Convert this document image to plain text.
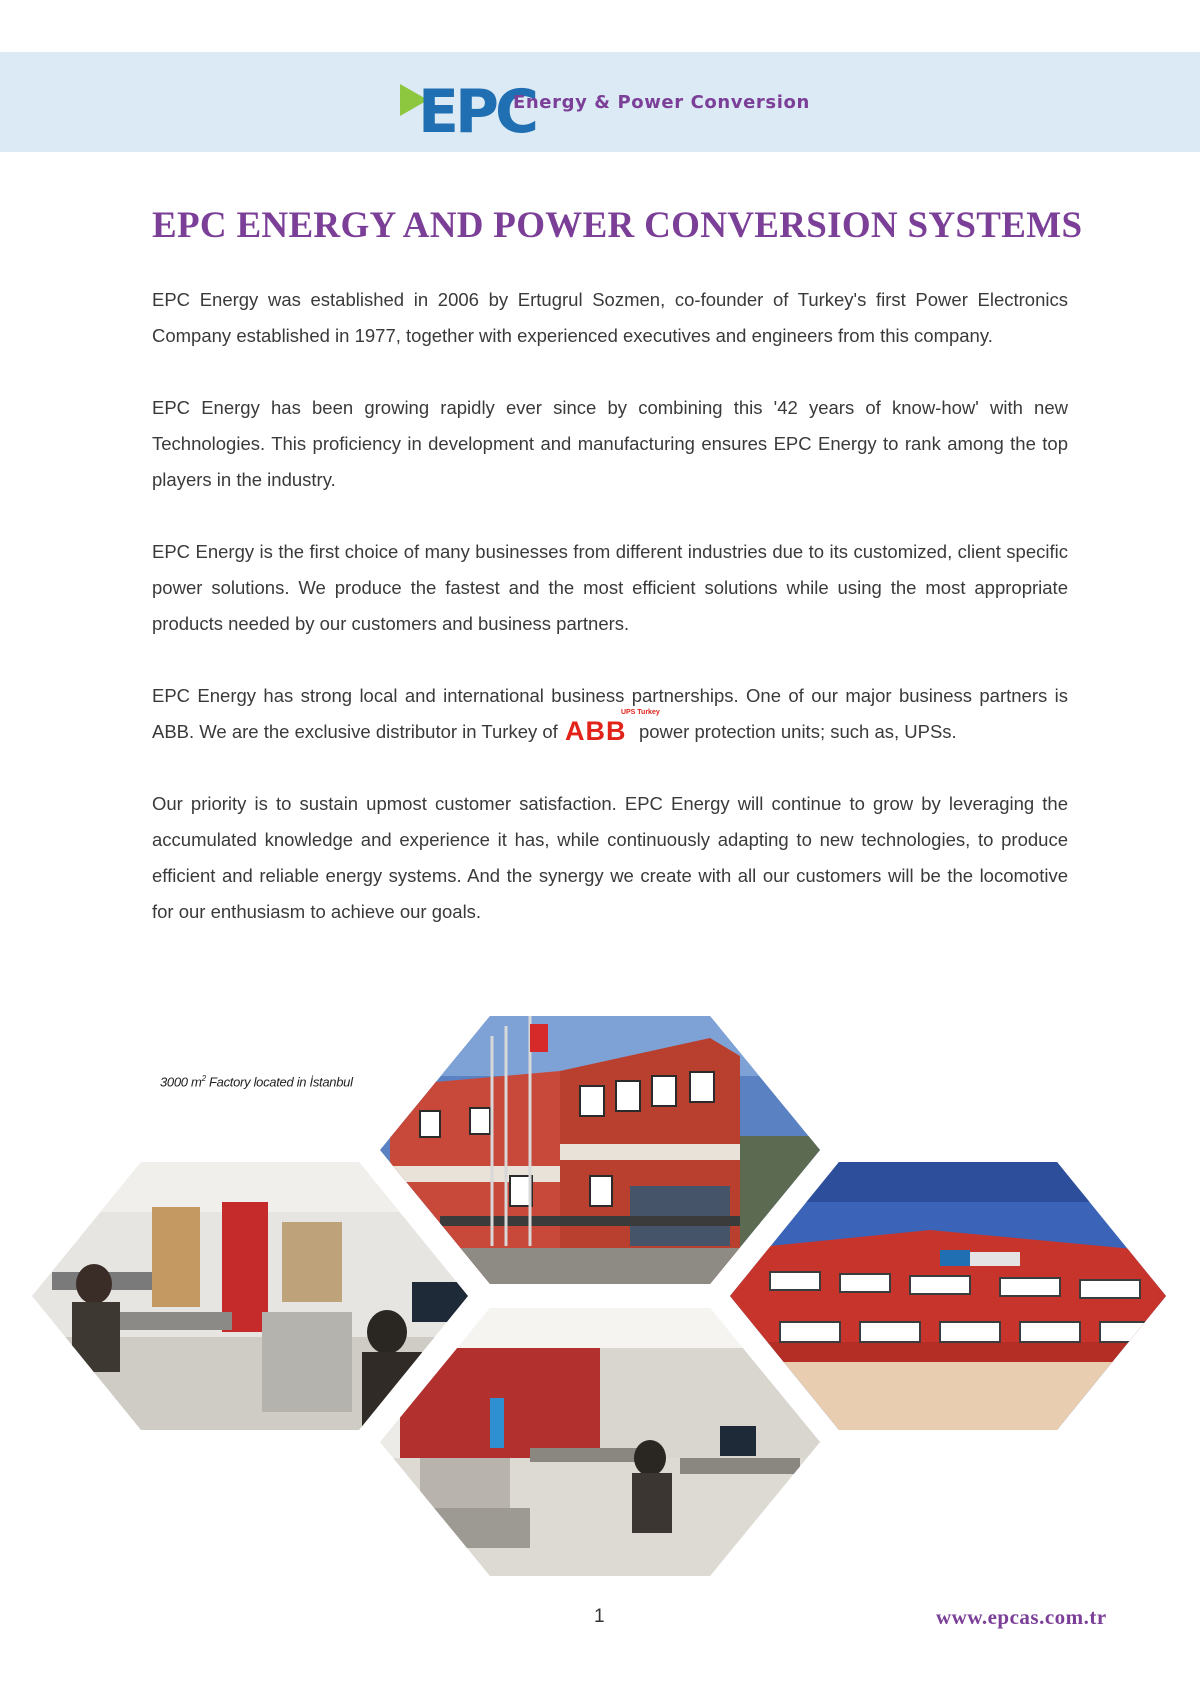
EPC
Energy & Power Conversion
EPC ENERGY AND POWER CONVERSION SYSTEMS

EPC Energy was established in 2006 by Ertugrul Sozmen, co-founder of Turkey's first Power Electronics Company established in 1977, together with experienced executives and engineers from this company.

EPC Energy has been growing rapidly ever since by combining this '42 years of know-how' with new Technologies. This proficiency in development and manufacturing ensures EPC Energy to rank among the top players in the industry.

EPC Energy is the first choice of many businesses from different industries due to its customized, client specific power solutions. We produce the fastest and the most efficient solutions while using the most appropriate products needed by our customers and business partners.

EPC Energy has strong local and international business partnerships. One of our major business partners is ABB. We are the exclusive distributor in Turkey of ABB
UPS Turkey
power protection units; such as, UPSs.

Our priority is to sustain upmost customer satisfaction. EPC Energy will continue to grow by leveraging the accumulated knowledge and experience it has, while continuously adapting to new technologies, to produce efficient and reliable energy systems. And the synergy we create with all our customers will be the locomotive for our enthusiasm to achieve our goals.

3000 $m^2$ Factory located in İstanbul
1	www.epcas.com.tr
